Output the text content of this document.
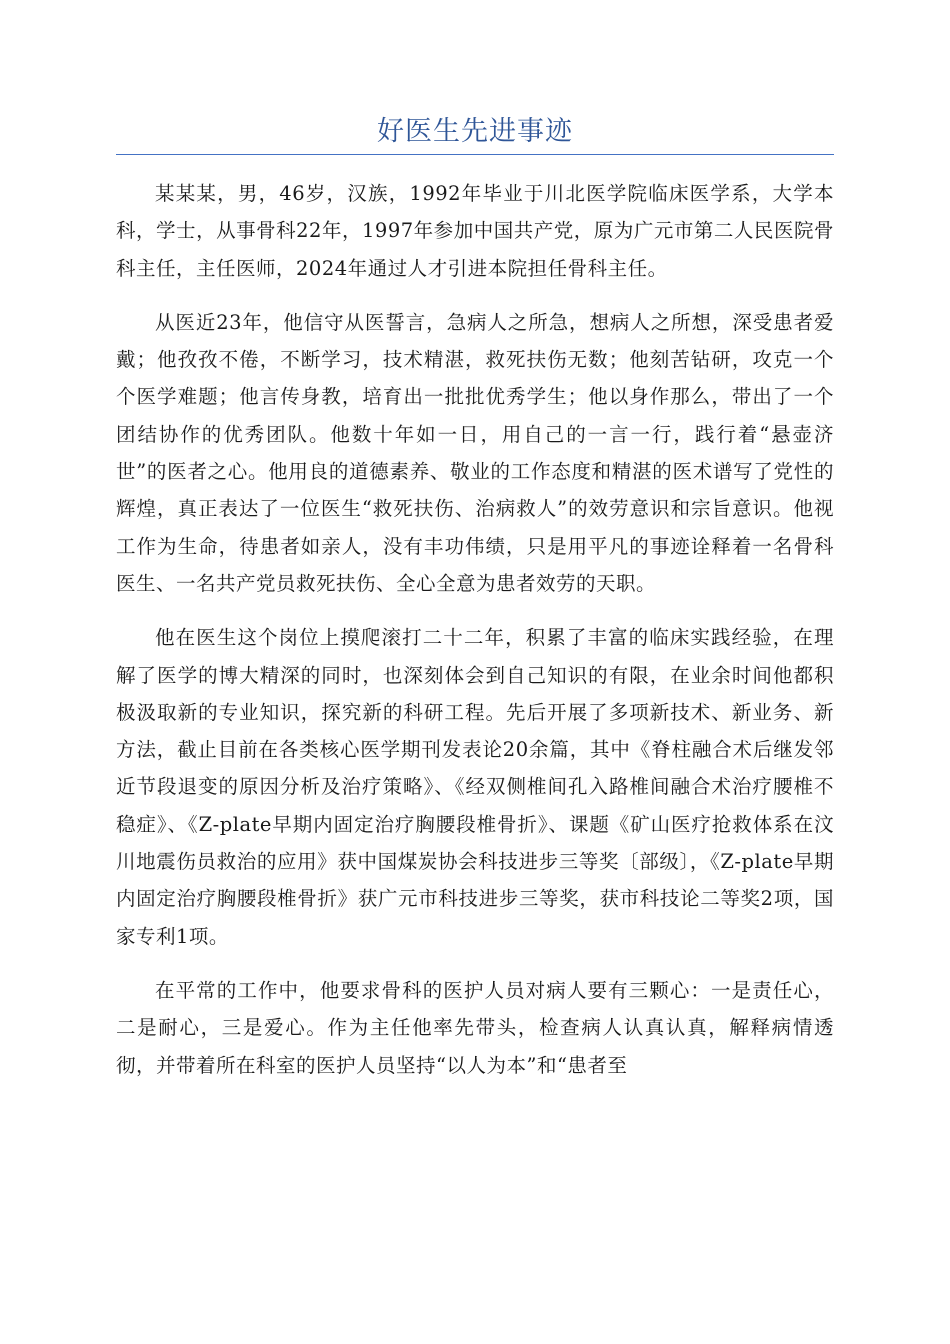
好医生先进事迹

某某某，男，46岁，汉族，1992年毕业于川北医学院临床医学系，大学本科，学士，从事骨科22年，1997年参加中国共产党，原为广元市第二人民医院骨科主任，主任医师，2024年通过人才引进本院担任骨科主任。

从医近23年，他信守从医誓言，急病人之所急，想病人之所想，深受患者爱戴；他孜孜不倦，不断学习，技术精湛，救死扶伤无数；他刻苦钻研，攻克一个个医学难题；他言传身教，培育出一批批优秀学生；他以身作那么，带出了一个团结协作的优秀团队。他数十年如一日，用自己的一言一行，践行着“悬壶济世”的医者之心。他用良的道德素养、敬业的工作态度和精湛的医术谱写了党性的辉煌，真正表达了一位医生“救死扶伤、治病救人”的效劳意识和宗旨意识。他视工作为生命，待患者如亲人，没有丰功伟绩，只是用平凡的事迹诠释着一名骨科医生、一名共产党员救死扶伤、全心全意为患者效劳的天职。

他在医生这个岗位上摸爬滚打二十二年，积累了丰富的临床实践经验，在理解了医学的博大精深的同时，也深刻体会到自己知识的有限，在业余时间他都积极汲取新的专业知识，探究新的科研工程。先后开展了多项新技术、新业务、新方法，截止目前在各类核心医学期刊发表论20余篇，其中《脊柱融合术后继发邻近节段退变的原因分析及治疗策略》、《经双侧椎间孔入路椎间融合术治疗腰椎不稳症》、《Z-plate早期内固定治疗胸腰段椎骨折》、课题《矿山医疗抢救体系在汶川地震伤员救治的应用》获中国煤炭协会科技进步三等奖〔部级〕，《Z-plate早期内固定治疗胸腰段椎骨折》获广元市科技进步三等奖，获市科技论二等奖2项，国家专利1项。

在平常的工作中，他要求骨科的医护人员对病人要有三颗心：一是责任心，二是耐心，三是爱心。作为主任他率先带头，检查病人认真认真，解释病情透彻，并带着所在科室的医护人员坚持“以人为本”和“患者至
